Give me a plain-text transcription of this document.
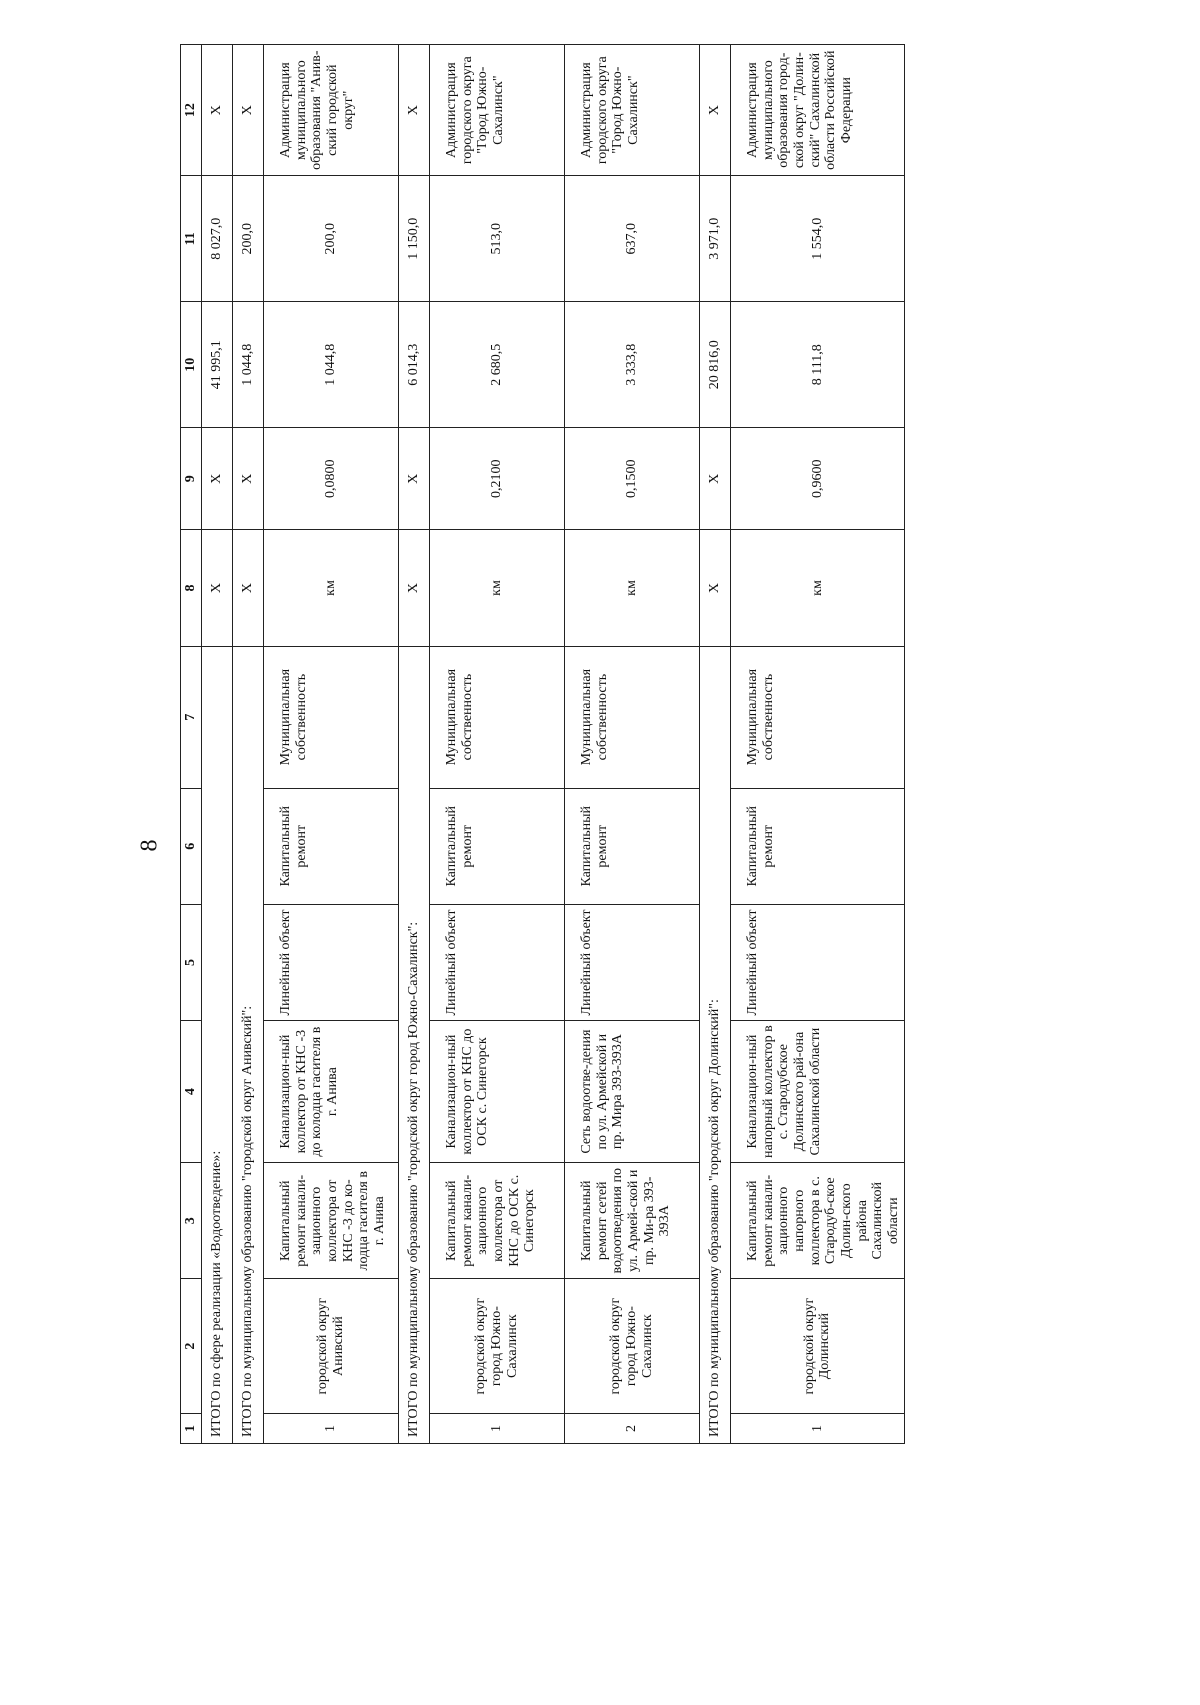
8
1	2	3	4	5	6	7	8	9	10	11	12
ИТОГО по сфере реализации «Водоотведение»:							Х	Х	41 995,1	8 027,0	Х
ИТОГО по муниципальному образованию "городской округ Анивский":							Х	Х	1 044,8	200,0	Х
1	городской округ Анивский	Капитальный ремонт канали-зационного коллектора от КНС -3 до ко-лодца гасителя в г. Анива	Канализацион-ный коллектор от КНС -3 до колодца гасителя в г. Анива	Линейный объект	Капитальный ремонт	Муниципальная собственность	км	0,0800	1 044,8	200,0	Администрация муниципального образования "Анив-ский городской округ"
ИТОГО по муниципальному образованию "городской округ город Южно-Сахалинск":							Х	Х	6 014,3	1 150,0	Х
1	городской округ город Южно-Сахалинск	Капитальный ремонт канали-зационного коллектора от КНС до ОСК с. Синегорск	Канализацион-ный коллектор от КНС до ОСК с. Синегорск	Линейный объект	Капитальный ремонт	Муниципальная собственность	км	0,2100	2 680,5	513,0	Администрация городского округа "Город Южно-Сахалинск"
2	городской округ город Южно-Сахалинск	Капитальный ремонт сетей водоотведения по ул. Армей-ской и пр. Ми-ра 393-393А	Сеть водоотве-дения по ул. Армейской и пр. Мира 393-393А	Линейный объект	Капитальный ремонт	Муниципальная собственность	км	0,1500	3 333,8	637,0	Администрация городского округа "Город Южно-Сахалинск"
ИТОГО по муниципальному образованию "городской округ Долинский":							Х	Х	20 816,0	3 971,0	Х
1	городской округ Долинский	Капитальный ремонт канали-зационного напорного коллектора в с. Стародуб-ское Долин-ского района Сахалинской области	Канализацион-ный напорный коллектор в с. Стародубское Долинского рай-она Сахалинской области	Линейный объект	Капитальный ремонт	Муниципальная собственность	км	0,9600	8 111,8	1 554,0	Администрация муниципального образования город-ской округ "Долин-ский" Сахалинской области Российской Федерации
